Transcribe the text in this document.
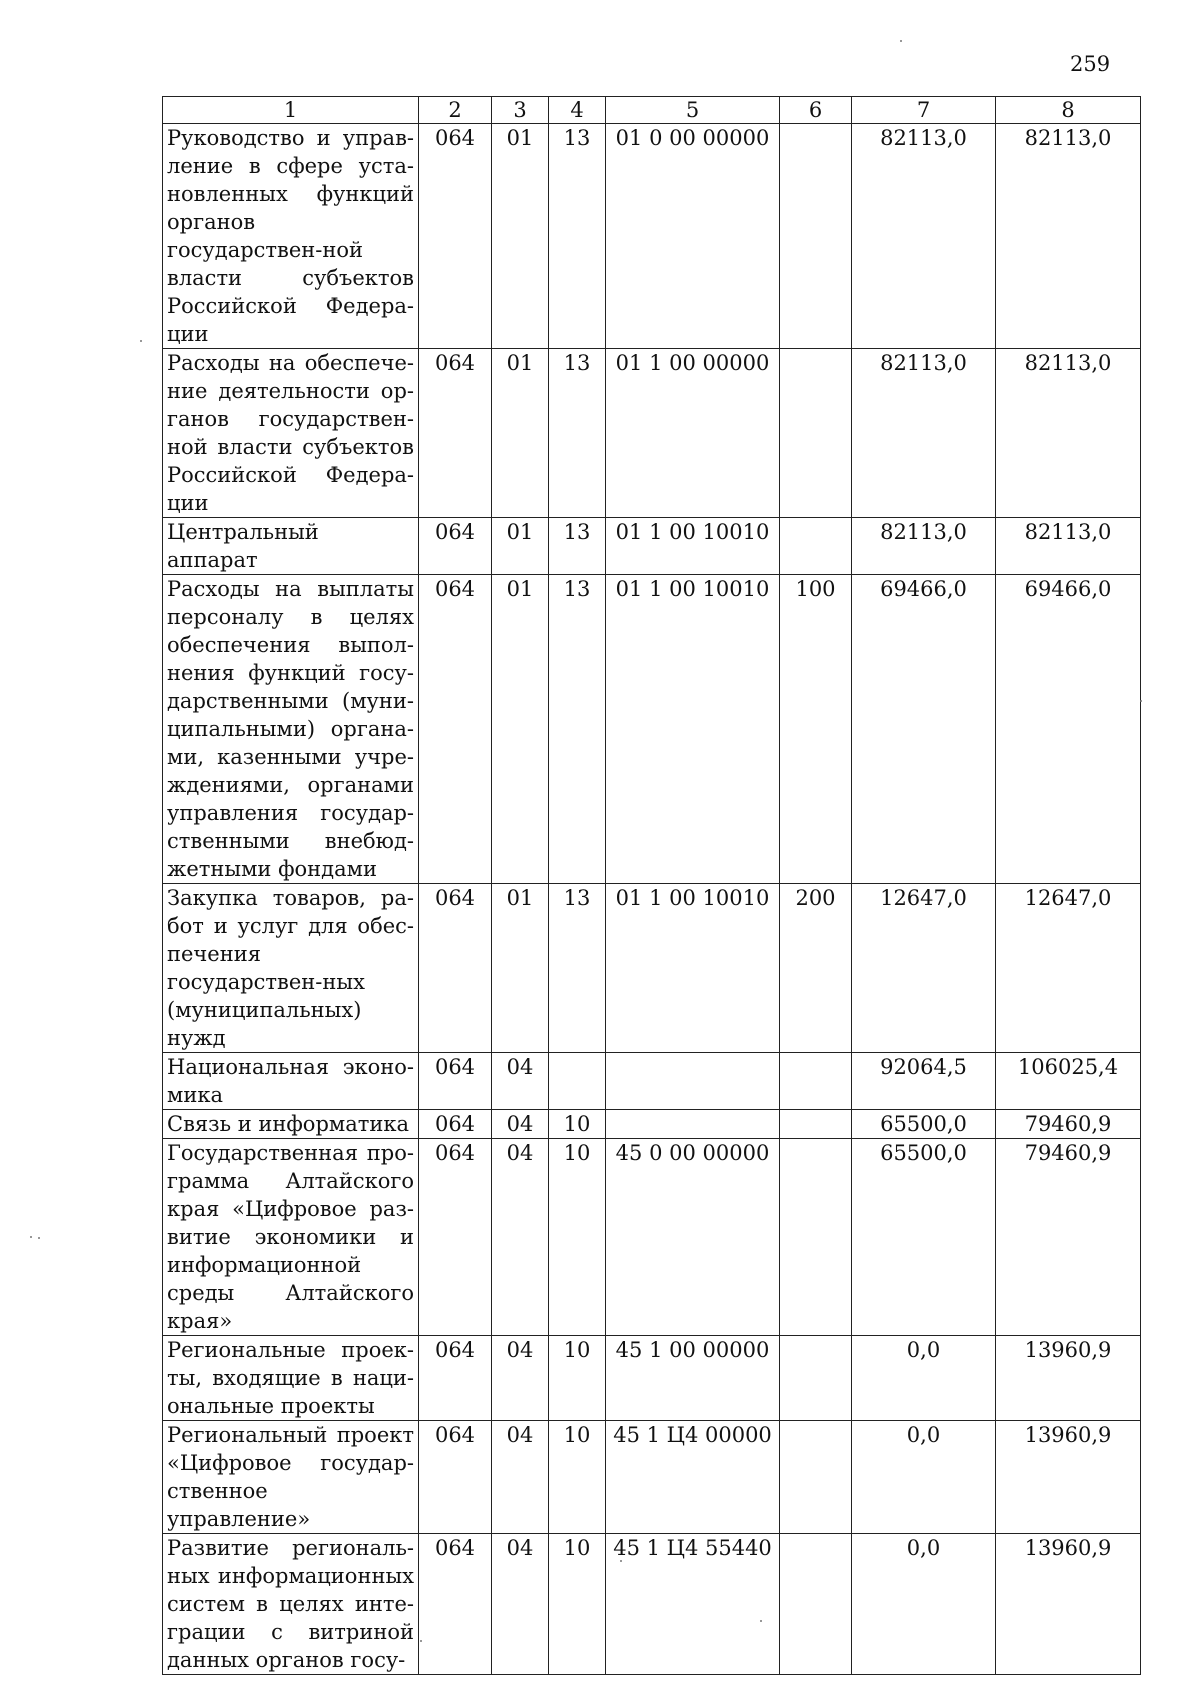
259
1	2	3	4	5	6	7	8
Руководство и управ-ление в сфере уста-новленных функций органов государствен-ной власти субъектов Российской Федера-ции	064	01	13	01 0 00 00000		82113,0	82113,0
Расходы на обеспече-ние деятельности ор-ганов государствен-ной власти субъектов Российской Федера-ции	064	01	13	01 1 00 00000		82113,0	82113,0
Центральный аппарат	064	01	13	01 1 00 10010		82113,0	82113,0
Расходы на выплаты персоналу в целях обеспечения выпол-нения функций госу-дарственными (муни-ципальными) органа-ми, казенными учре-ждениями, органами управления государ-ственными внебюд-жетными фондами	064	01	13	01 1 00 10010	100	69466,0	69466,0
Закупка товаров, ра-бот и услуг для обес-печения государствен-ных (муниципальных) нужд	064	01	13	01 1 00 10010	200	12647,0	12647,0
Национальная эконо-мика	064	04				92064,5	106025,4
Связь и информатика	064	04	10			65500,0	79460,9
Государственная про-грамма Алтайского края «Цифровое раз-витие экономики и информационной среды Алтайского края»	064	04	10	45 0 00 00000		65500,0	79460,9
Региональные проек-ты, входящие в наци-ональные проекты	064	04	10	45 1 00 00000		0,0	13960,9
Региональный проект «Цифровое государ-ственное управление»	064	04	10	45 1 Ц4 00000		0,0	13960,9
Развитие региональ-ных информационных систем в целях инте-грации с витриной данных органов госу-	064	04	10	45 1 Ц4 55440		0,0	13960,9
